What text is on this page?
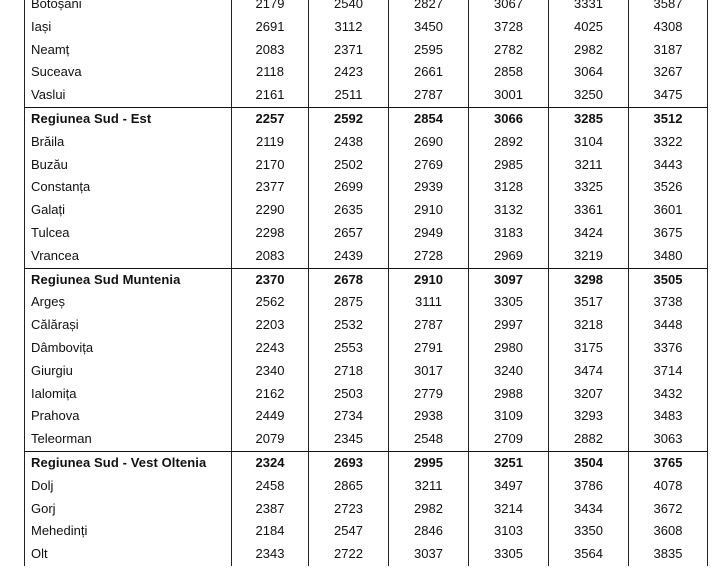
Botoșani	2179	2540	2827	3067	3331	3587
Iași	2691	3112	3450	3728	4025	4308
Neamț	2083	2371	2595	2782	2982	3187
Suceava	2118	2423	2661	2858	3064	3267
Vaslui	2161	2511	2787	3001	3250	3475
Regiunea Sud - Est	2257	2592	2854	3066	3285	3512
Brăila	2119	2438	2690	2892	3104	3322
Buzău	2170	2502	2769	2985	3211	3443
Constanța	2377	2699	2939	3128	3325	3526
Galați	2290	2635	2910	3132	3361	3601
Tulcea	2298	2657	2949	3183	3424	3675
Vrancea	2083	2439	2728	2969	3219	3480
Regiunea Sud Muntenia	2370	2678	2910	3097	3298	3505
Argeș	2562	2875	3111	3305	3517	3738
Călărași	2203	2532	2787	2997	3218	3448
Dâmbovița	2243	2553	2791	2980	3175	3376
Giurgiu	2340	2718	3017	3240	3474	3714
Ialomița	2162	2503	2779	2988	3207	3432
Prahova	2449	2734	2938	3109	3293	3483
Teleorman	2079	2345	2548	2709	2882	3063
Regiunea Sud - Vest Oltenia	2324	2693	2995	3251	3504	3765
Dolj	2458	2865	3211	3497	3786	4078
Gorj	2387	2723	2982	3214	3434	3672
Mehedinți	2184	2547	2846	3103	3350	3608
Olt	2343	2722	3037	3305	3564	3835
